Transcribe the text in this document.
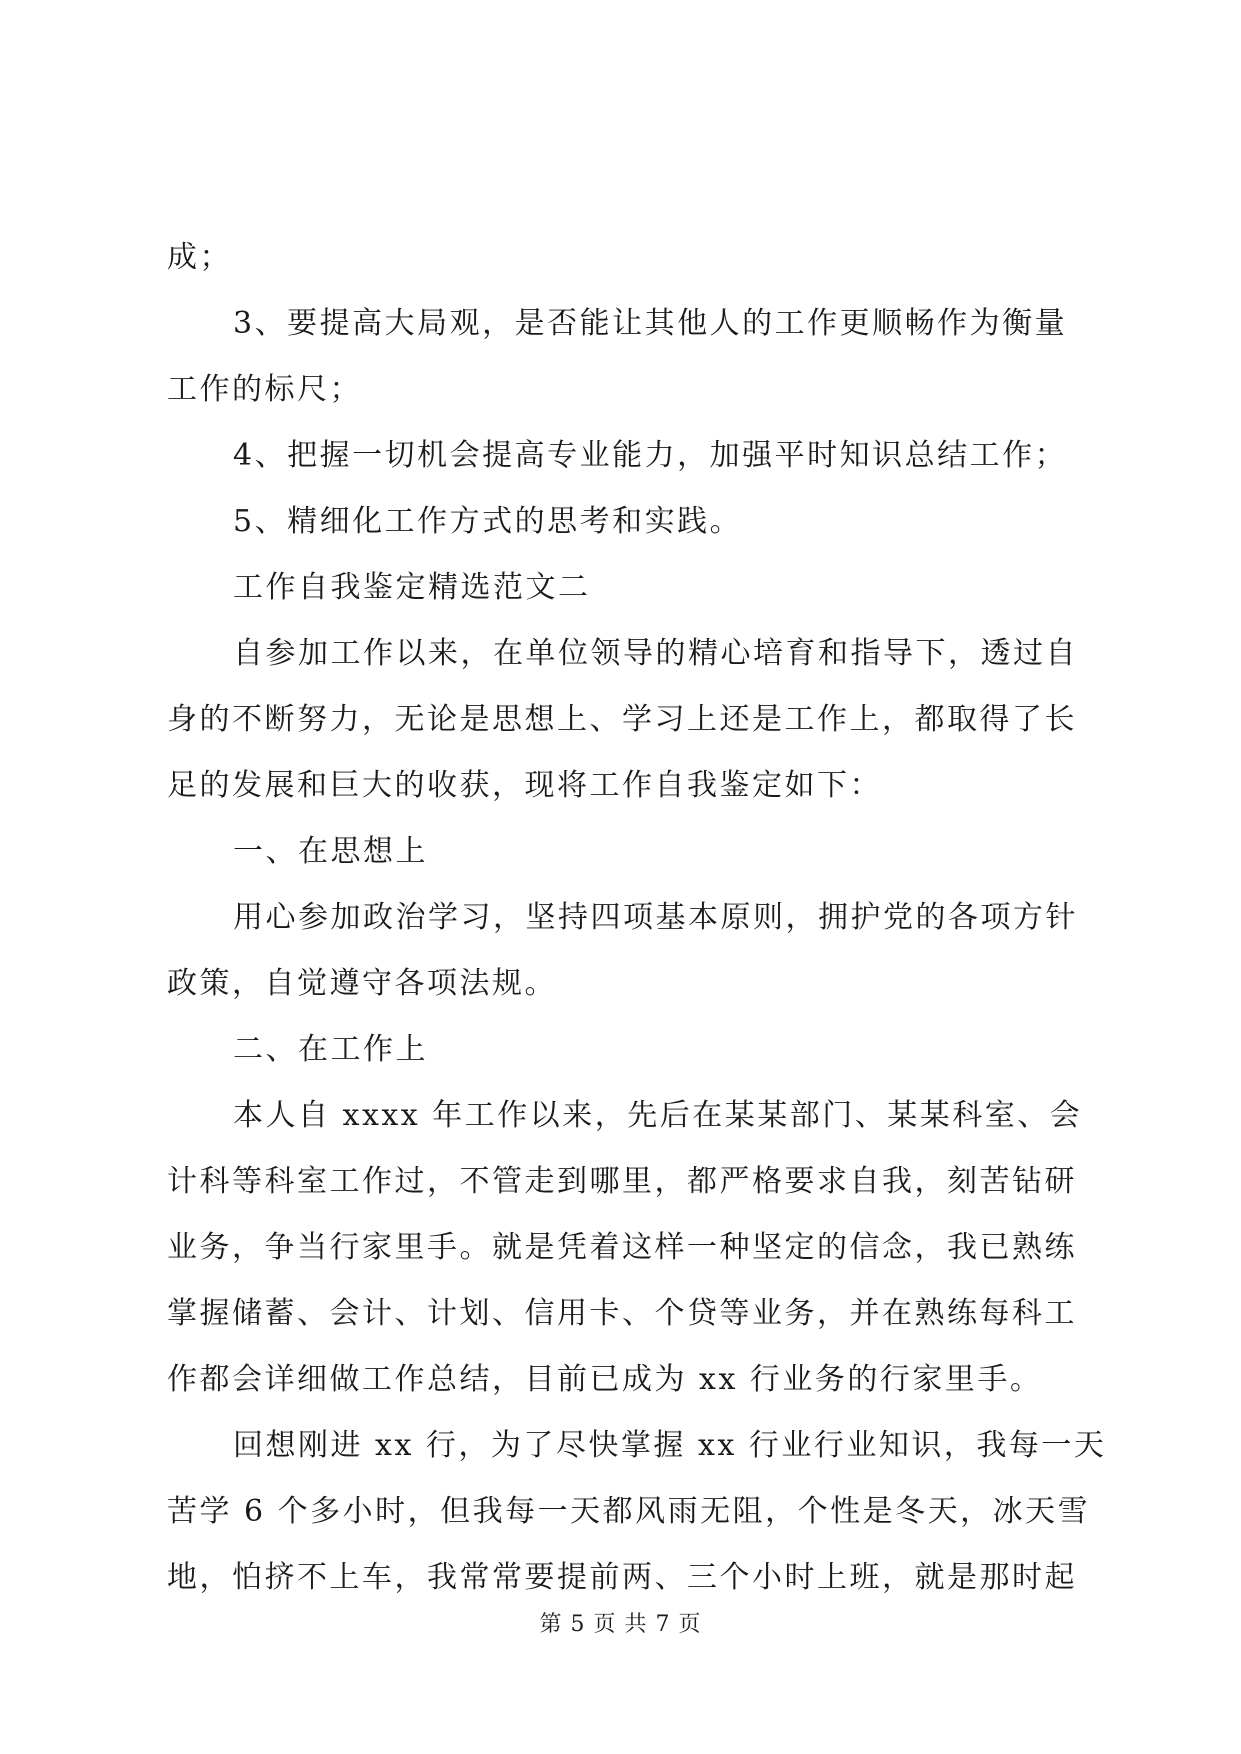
成；
3、要提高大局观，是否能让其他人的工作更顺畅作为衡量
工作的标尺；
4、把握一切机会提高专业能力，加强平时知识总结工作；
5、精细化工作方式的思考和实践。
工作自我鉴定精选范文二
自参加工作以来，在单位领导的精心培育和指导下，透过自
身的不断努力，无论是思想上、学习上还是工作上，都取得了长
足的发展和巨大的收获，现将工作自我鉴定如下：
一、在思想上
用心参加政治学习，坚持四项基本原则，拥护党的各项方针
政策，自觉遵守各项法规。
二、在工作上
本人自 xxxx 年工作以来，先后在某某部门、某某科室、会
计科等科室工作过，不管走到哪里，都严格要求自我，刻苦钻研
业务，争当行家里手。就是凭着这样一种坚定的信念，我已熟练
掌握储蓄、会计、计划、信用卡、个贷等业务，并在熟练每科工
作都会详细做工作总结，目前已成为 xx 行业务的行家里手。
回想刚进 xx 行，为了尽快掌握 xx 行业行业知识，我每一天
苦学 6 个多小时，但我每一天都风雨无阻，个性是冬天，冰天雪
地，怕挤不上车，我常常要提前两、三个小时上班，就是那时起
第 5 页 共 7 页
